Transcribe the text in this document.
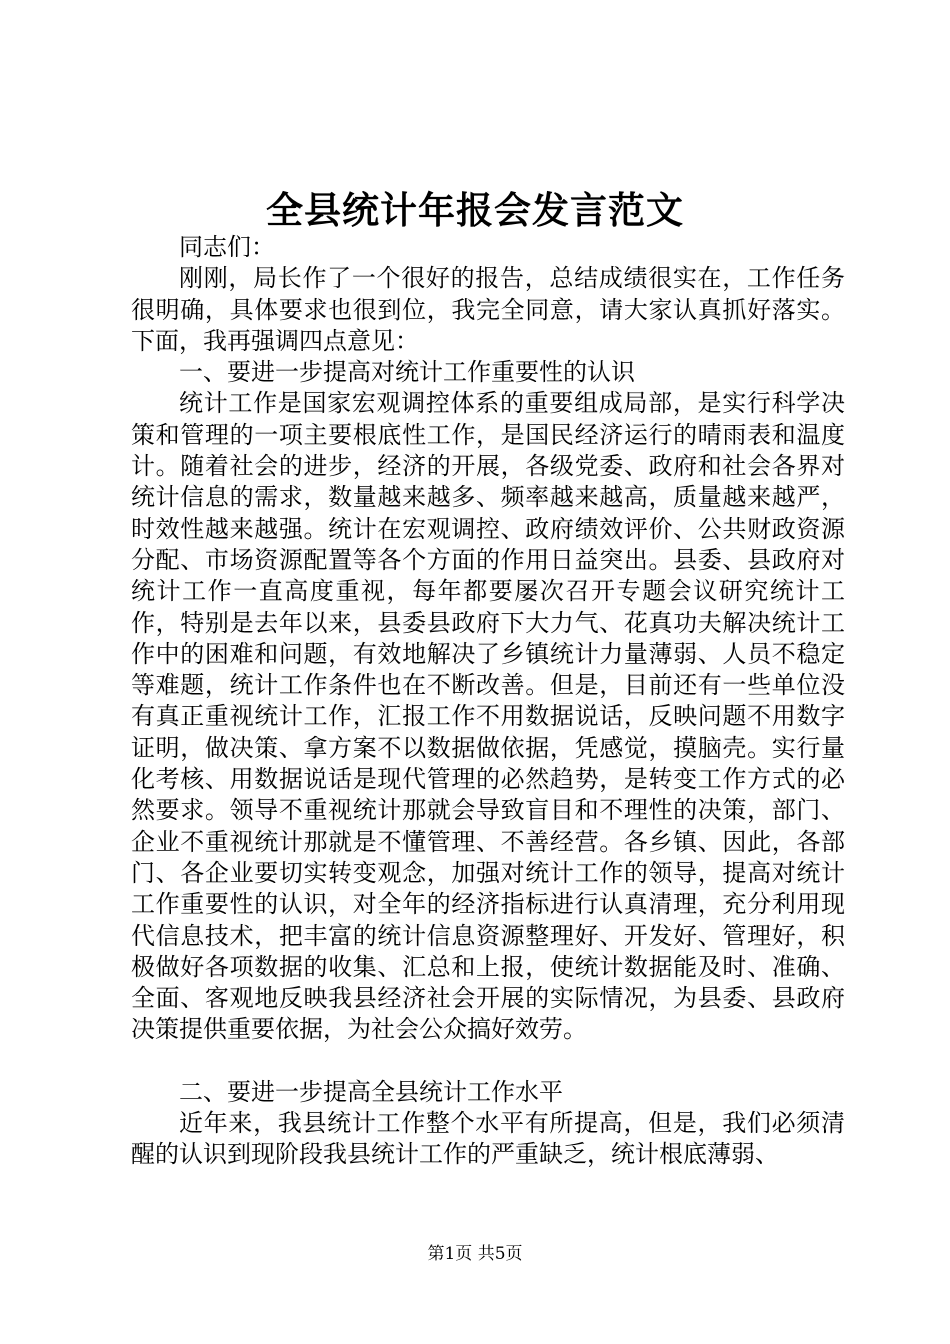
全县统计年报会发言范文

同志们：

刚刚，局长作了一个很好的报告，总结成绩很实在，工作任务很明确，具体要求也很到位，我完全同意，请大家认真抓好落实。下面，我再强调四点意见：

一、要进一步提高对统计工作重要性的认识

统计工作是国家宏观调控体系的重要组成局部，是实行科学决策和管理的一项主要根底性工作，是国民经济运行的晴雨表和温度计。随着社会的进步，经济的开展，各级党委、政府和社会各界对统计信息的需求，数量越来越多、频率越来越高，质量越来越严，时效性越来越强。统计在宏观调控、政府绩效评价、公共财政资源分配、市场资源配置等各个方面的作用日益突出。县委、县政府对统计工作一直高度重视，每年都要屡次召开专题会议研究统计工作，特别是去年以来，县委县政府下大力气、花真功夫解决统计工作中的困难和问题，有效地解决了乡镇统计力量薄弱、人员不稳定等难题，统计工作条件也在不断改善。但是，目前还有一些单位没有真正重视统计工作，汇报工作不用数据说话，反映问题不用数字证明，做决策、拿方案不以数据做依据，凭感觉，摸脑壳。实行量化考核、用数据说话是现代管理的必然趋势，是转变工作方式的必然要求。领导不重视统计那就会导致盲目和不理性的决策，部门、企业不重视统计那就是不懂管理、不善经营。各乡镇、因此，各部门、各企业要切实转变观念，加强对统计工作的领导，提高对统计工作重要性的认识，对全年的经济指标进行认真清理，充分利用现代信息技术，把丰富的统计信息资源整理好、开发好、管理好，积极做好各项数据的收集、汇总和上报，使统计数据能及时、准确、全面、客观地反映我县经济社会开展的实际情况，为县委、县政府决策提供重要依据，为社会公众搞好效劳。

二、要进一步提高全县统计工作水平

近年来，我县统计工作整个水平有所提高，但是，我们必须清醒的认识到现阶段我县统计工作的严重缺乏，统计根底薄弱、

第1页 共5页
